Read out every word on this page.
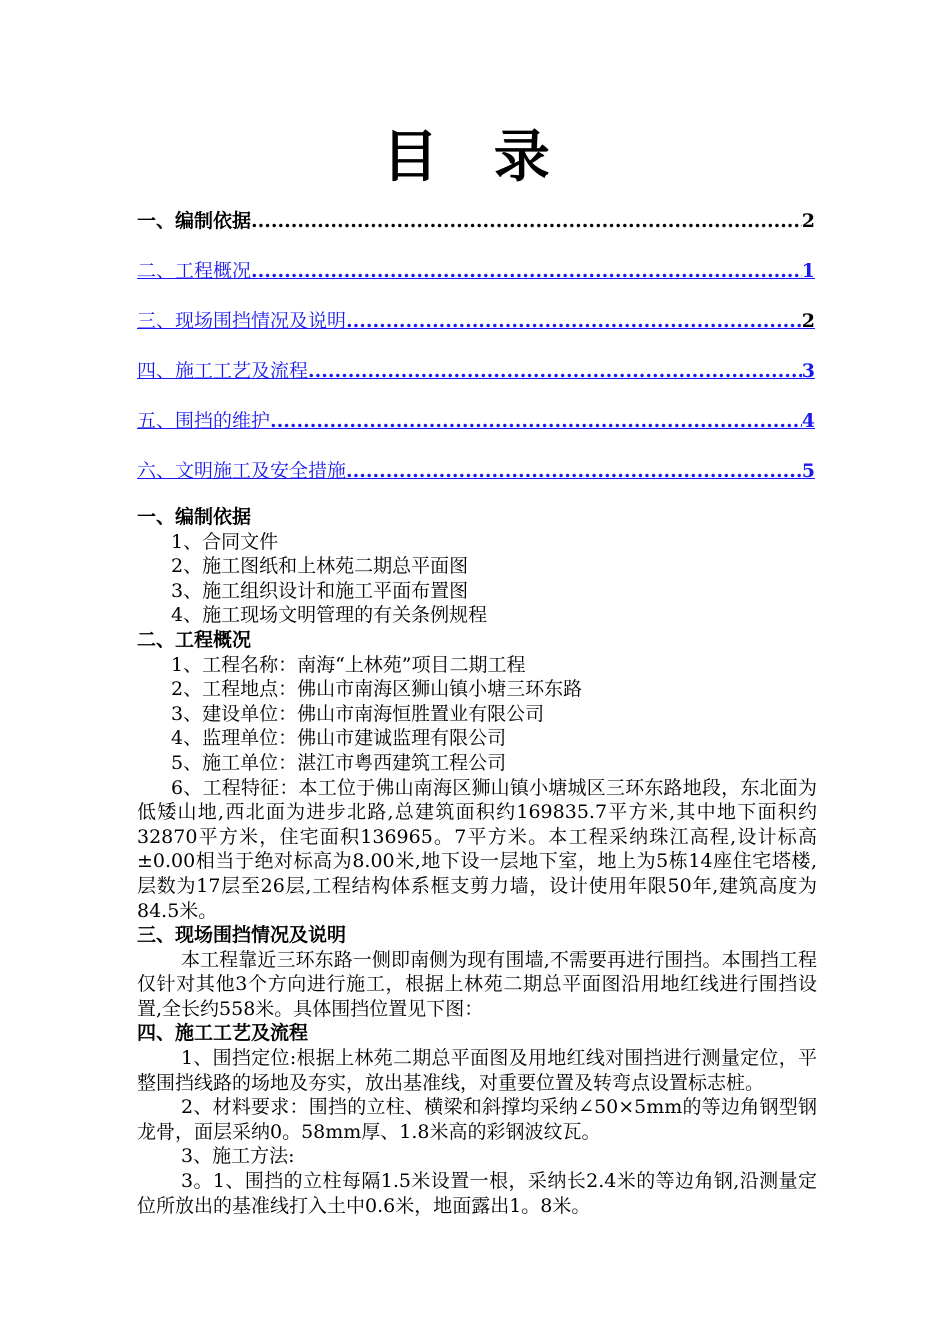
目 录
一、编制依据 .....	2
二、工程概况 .....	1
三、现场围挡情况及说明 .....	2
四、施工工艺及流程 .....	3
五、围挡的维护 .....	4
六、文明施工及安全措施 .....	5
一、编制依据
1、合同文件
2、施工图纸和上林苑二期总平面图
3、施工组织设计和施工平面布置图
4、施工现场文明管理的有关条例规程
二、工程概况
1、工程名称：南海“上林苑”项目二期工程
2、工程地点：佛山市南海区狮山镇小塘三环东路
3、建设单位：佛山市南海恒胜置业有限公司
4、监理单位：佛山市建诚监理有限公司
5、施工单位：湛江市粤西建筑工程公司
6、工程特征：本工位于佛山南海区狮山镇小塘城区三环东路地段，东北面为低矮山地,西北面为进步北路,总建筑面积约169835.7平方米,其中地下面积约32870平方米，住宅面积136965。7平方米。本工程采纳珠江高程,设计标高±0.00相当于绝对标高为8.00米,地下设一层地下室，地上为5栋14座住宅塔楼,层数为17层至26层,工程结构体系框支剪力墙，设计使用年限50年,建筑高度为84.5米。
三、现场围挡情况及说明
本工程靠近三环东路一侧即南侧为现有围墙,不需要再进行围挡。本围挡工程仅针对其他3个方向进行施工，根据上林苑二期总平面图沿用地红线进行围挡设置,全长约558米。具体围挡位置见下图：
四、施工工艺及流程
1、围挡定位:根据上林苑二期总平面图及用地红线对围挡进行测量定位，平整围挡线路的场地及夯实，放出基准线，对重要位置及转弯点设置标志桩。
2、材料要求：围挡的立柱、横梁和斜撑均采纳∠50×5mm的等边角钢型钢龙骨，面层采纳0。58mm厚、1.8米高的彩钢波纹瓦。
3、施工方法:
3。1、围挡的立柱每隔1.5米设置一根，采纳长2.4米的等边角钢,沿测量定位所放出的基准线打入土中0.6米，地面露出1。8米。
